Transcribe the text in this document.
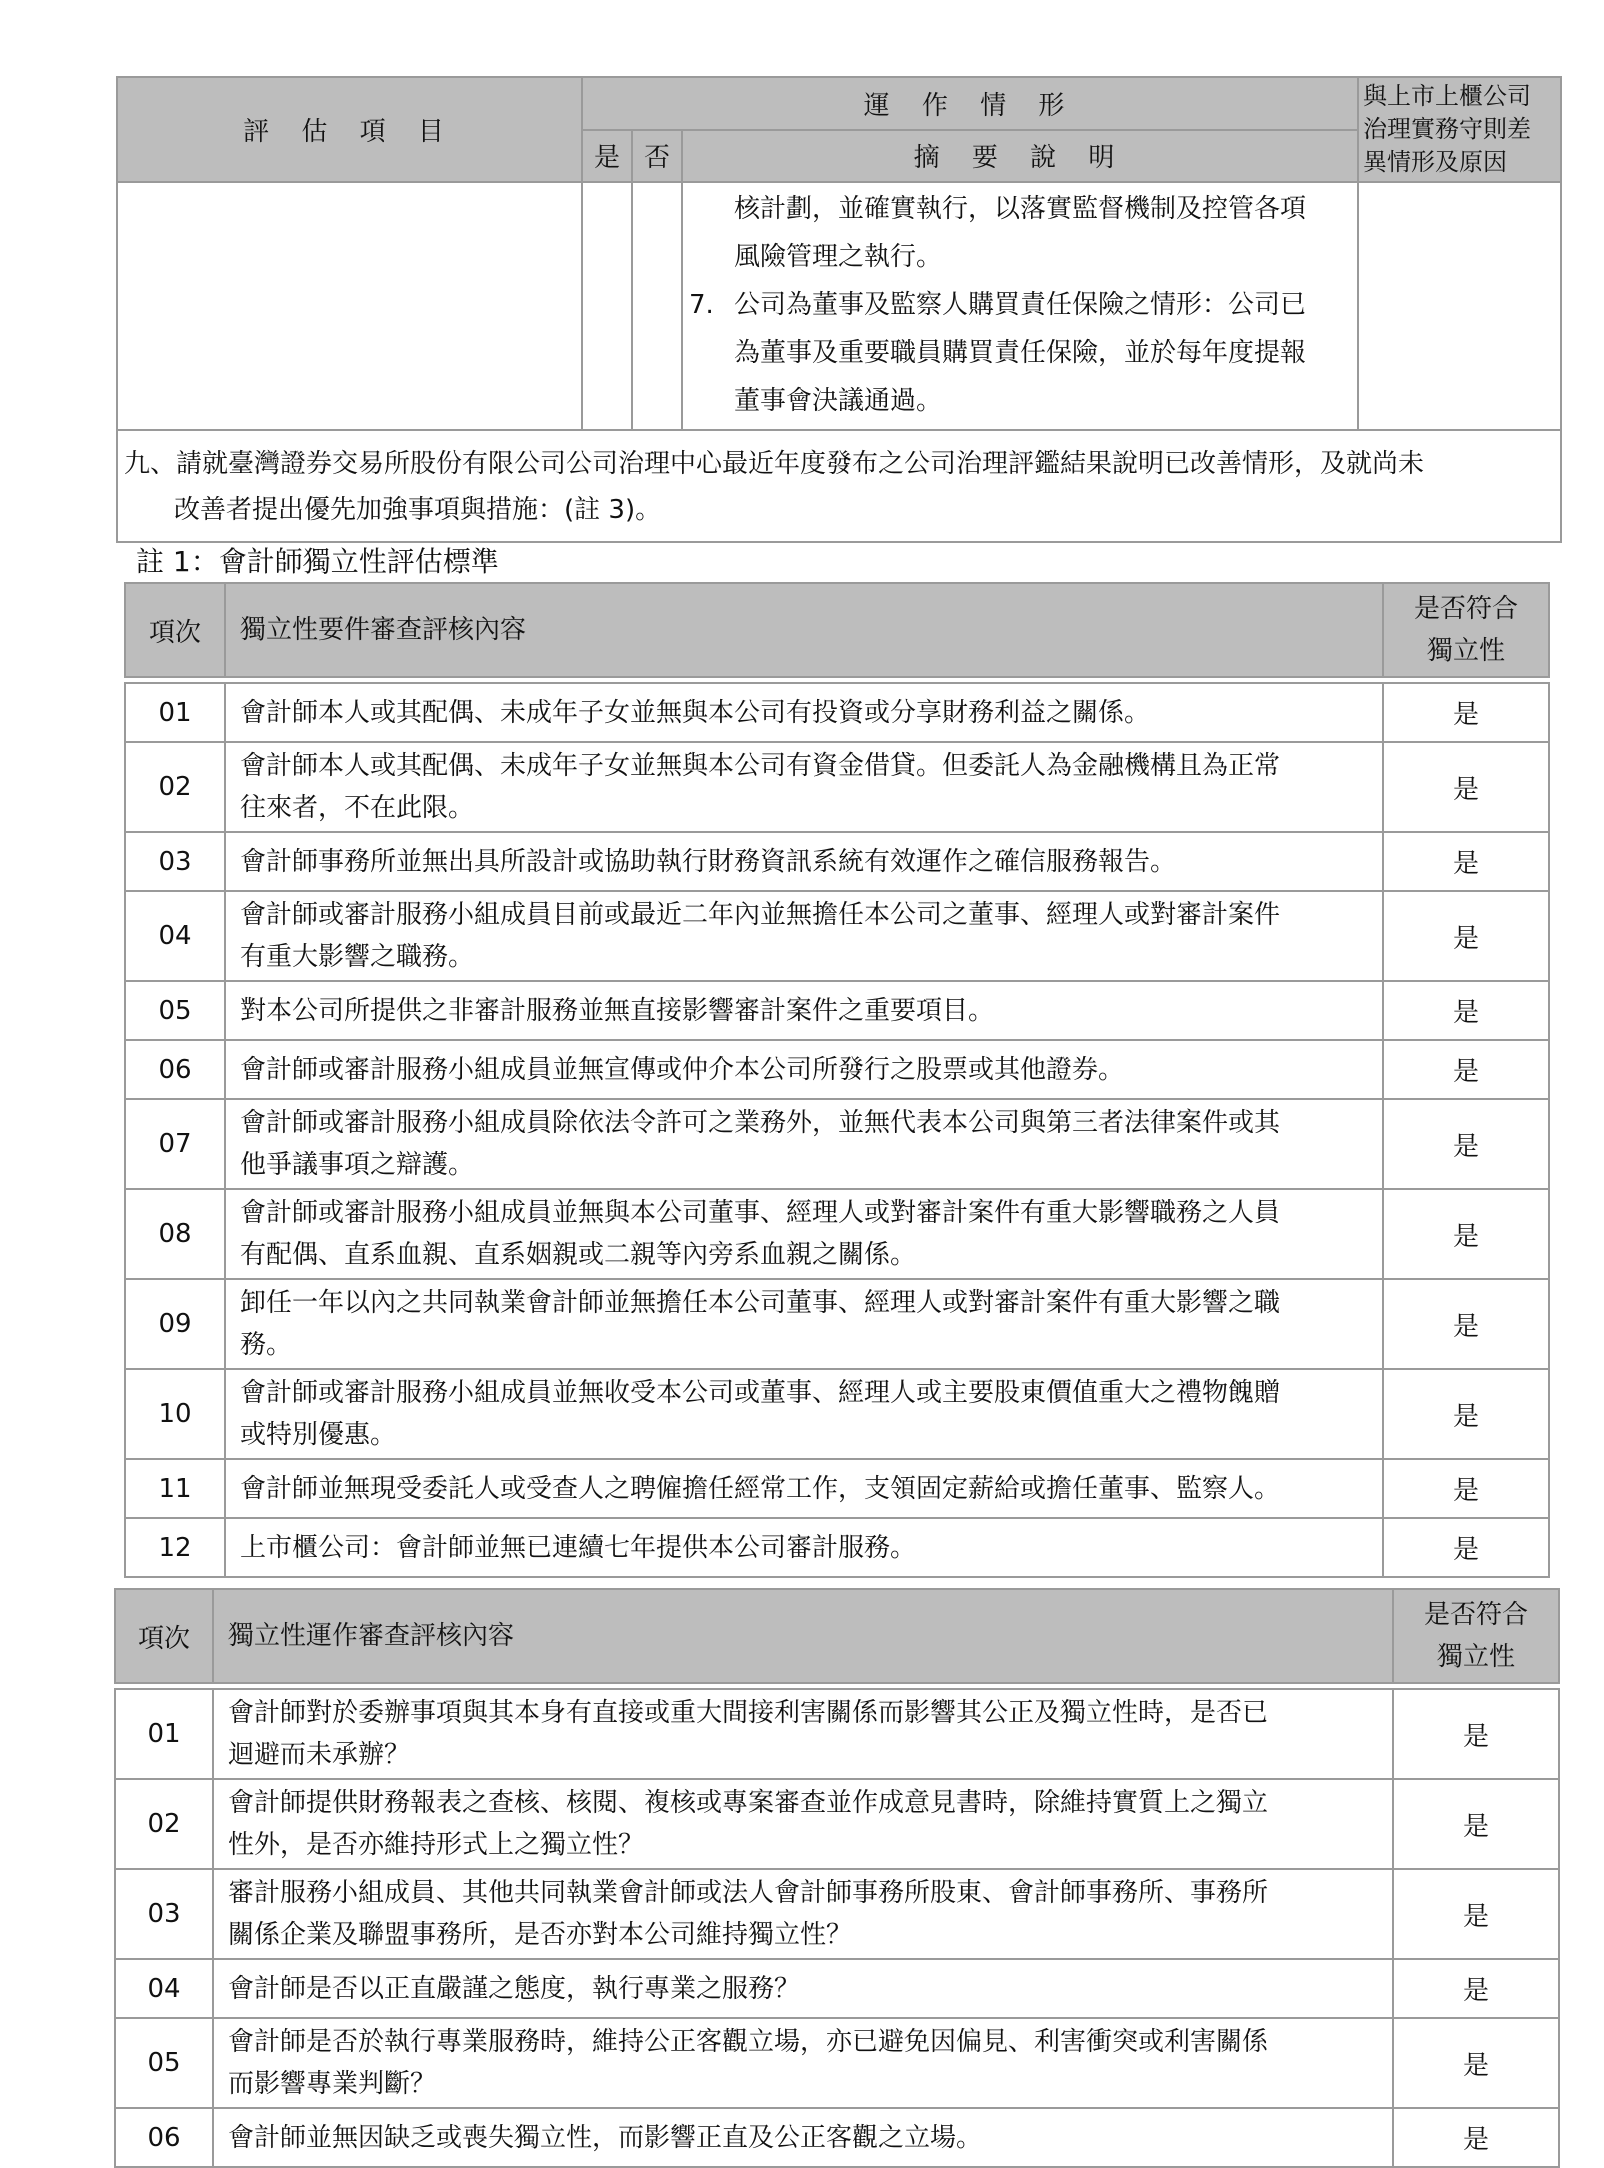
評 估 項 目	運 作 情 形			與上市上櫃公司
治理實務守則差
異情形及原因

	是	否	摘 要 說 明	

			核計劃，並確實執行，以落實監督機制及控管各項
風險管理之執行。
7. 公司為董事及監察人購買責任保險之情形：公司已
為董事及重要職員購買責任保險，並於每年度提報
董事會決議通過。	

九、請就臺灣證券交易所股份有限公司公司治理中心最近年度發布之公司治理評鑑結果說明已改善情形，及就尚未
改善者提出優先加強事項與措施：(註 3)。				
註 1：會計師獨立性評估標準
項次	獨立性要件審查評核內容	是否符合
獨立性

01	會計師本人或其配偶、未成年子女並無與本公司有投資或分享財務利益之關係。	是
02	會計師本人或其配偶、未成年子女並無與本公司有資金借貸。但委託人為金融機構且為正常
往來者，不在此限。	是
03	會計師事務所並無出具所設計或協助執行財務資訊系統有效運作之確信服務報告。	是
04	會計師或審計服務小組成員目前或最近二年內並無擔任本公司之董事、經理人或對審計案件
有重大影響之職務。	是
05	對本公司所提供之非審計服務並無直接影響審計案件之重要項目。	是
06	會計師或審計服務小組成員並無宣傳或仲介本公司所發行之股票或其他證券。	是
07	會計師或審計服務小組成員除依法令許可之業務外，並無代表本公司與第三者法律案件或其
他爭議事項之辯護。	是
08	會計師或審計服務小組成員並無與本公司董事、經理人或對審計案件有重大影響職務之人員
有配偶、直系血親、直系姻親或二親等內旁系血親之關係。	是
09	卸任一年以內之共同執業會計師並無擔任本公司董事、經理人或對審計案件有重大影響之職
務。	是
10	會計師或審計服務小組成員並無收受本公司或董事、經理人或主要股東價值重大之禮物餽贈
或特別優惠。	是
11	會計師並無現受委託人或受查人之聘僱擔任經常工作，支領固定薪給或擔任董事、監察人。	是
12	上市櫃公司：會計師並無已連續七年提供本公司審計服務。	是
項次	獨立性運作審查評核內容	是否符合
獨立性

01	會計師對於委辦事項與其本身有直接或重大間接利害關係而影響其公正及獨立性時，是否已
迴避而未承辦？	是
02	會計師提供財務報表之查核、核閱、複核或專案審查並作成意見書時，除維持實質上之獨立
性外，是否亦維持形式上之獨立性？	是
03	審計服務小組成員、其他共同執業會計師或法人會計師事務所股東、會計師事務所、事務所
關係企業及聯盟事務所，是否亦對本公司維持獨立性？	是
04	會計師是否以正直嚴謹之態度，執行專業之服務？	是
05	會計師是否於執行專業服務時，維持公正客觀立場，亦已避免因偏見、利害衝突或利害關係
而影響專業判斷？	是
06	會計師並無因缺乏或喪失獨立性，而影響正直及公正客觀之立場。	是
